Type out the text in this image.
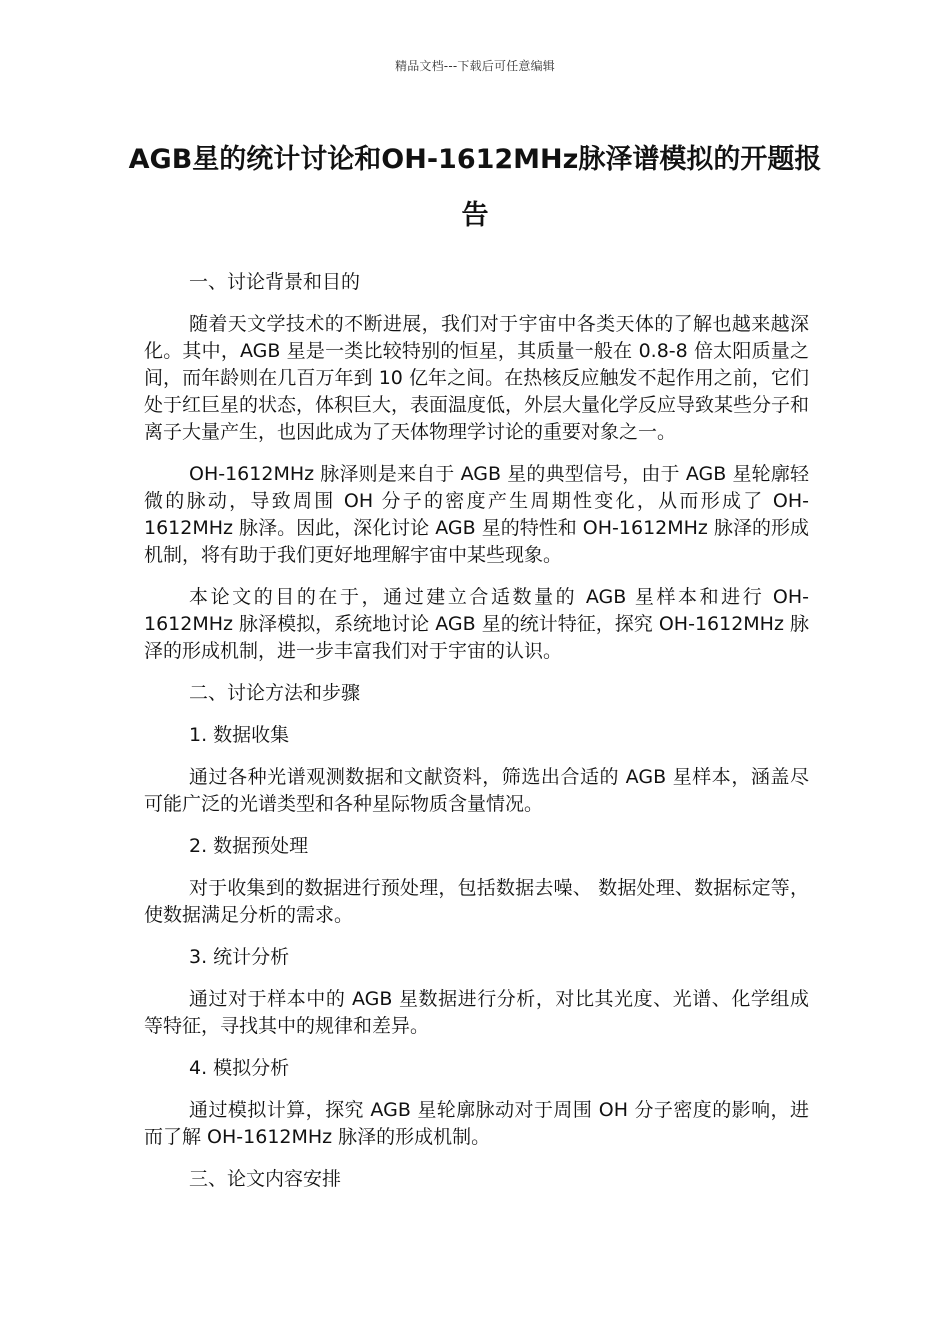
精品文档---下载后可任意编辑
AGB星的统计讨论和OH-1612MHz脉泽谱模拟的开题报告

一、讨论背景和目的

随着天文学技术的不断进展，我们对于宇宙中各类天体的了解也越来越深化。其中，AGB 星是一类比较特别的恒星，其质量一般在 0.8-8 倍太阳质量之间，而年龄则在几百万年到 10 亿年之间。在热核反应触发不起作用之前，它们处于红巨星的状态，体积巨大，表面温度低，外层大量化学反应导致某些分子和离子大量产生，也因此成为了天体物理学讨论的重要对象之一。

OH-1612MHz 脉泽则是来自于 AGB 星的典型信号，由于 AGB 星轮廓轻微的脉动，导致周围 OH 分子的密度产生周期性变化，从而形成了 OH-1612MHz 脉泽。因此，深化讨论 AGB 星的特性和 OH-1612MHz 脉泽的形成机制，将有助于我们更好地理解宇宙中某些现象。

本论文的目的在于，通过建立合适数量的 AGB 星样本和进行 OH-1612MHz 脉泽模拟，系统地讨论 AGB 星的统计特征，探究 OH-1612MHz 脉泽的形成机制，进一步丰富我们对于宇宙的认识。

二、讨论方法和步骤

1. 数据收集

通过各种光谱观测数据和文献资料，筛选出合适的 AGB 星样本，涵盖尽可能广泛的光谱类型和各种星际物质含量情况。

2. 数据预处理

对于收集到的数据进行预处理，包括数据去噪、 数据处理、数据标定等，使数据满足分析的需求。

3. 统计分析

通过对于样本中的 AGB 星数据进行分析，对比其光度、光谱、化学组成等特征，寻找其中的规律和差异。

4. 模拟分析

通过模拟计算，探究 AGB 星轮廓脉动对于周围 OH 分子密度的影响，进而了解 OH-1612MHz 脉泽的形成机制。

三、论文内容安排
